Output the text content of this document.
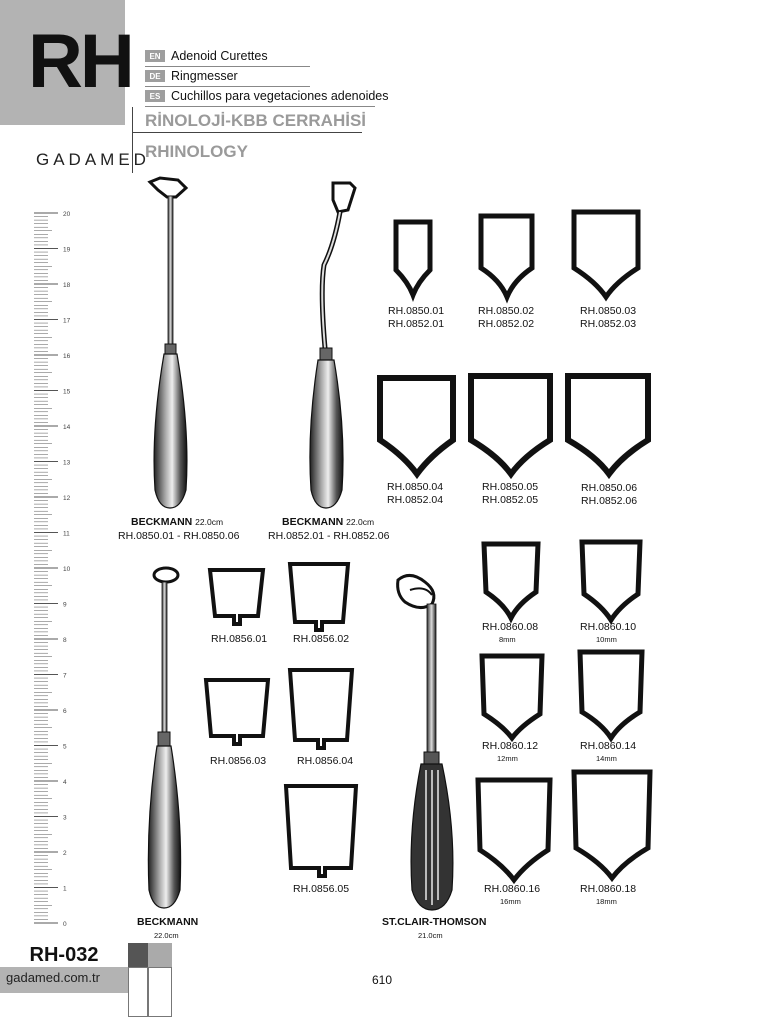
RH	EN Adenoid Curettes
DE Ringmesser
ES Cuchillos para vegetaciones adenoides
RİNOLOJİ-KBB CERRAHİSİ
RHINOLOGY
GADAMED
20
19
18
17
16
15
14
13
12
11
10
9
8
7
6
5
4
3
2
1
0
BECKMANN 22.0cm
RH.0850.01 - RH.0850.06
BECKMANN 22.0cm
RH.0852.01 - RH.0852.06
BECKMANN
22.0cm
ST.CLAIR-THOMSON
21.0cm
RH.0850.01
RH.0852.01
RH.0850.02
RH.0852.02
RH.0850.03
RH.0852.03
RH.0850.04
RH.0852.04
RH.0850.05
RH.0852.05
RH.0850.06
RH.0852.06
RH.0856.01 RH.0856.02
RH.0856.03	RH.0856.04
RH.0856.05
RH.0860.08
8mm
RH.0860.10
10mm
RH.0860.12
12mm
RH.0860.14
14mm
RH.0860.16
16mm
RH.0860.18
18mm
RH-032
gadamed.com.tr	610
